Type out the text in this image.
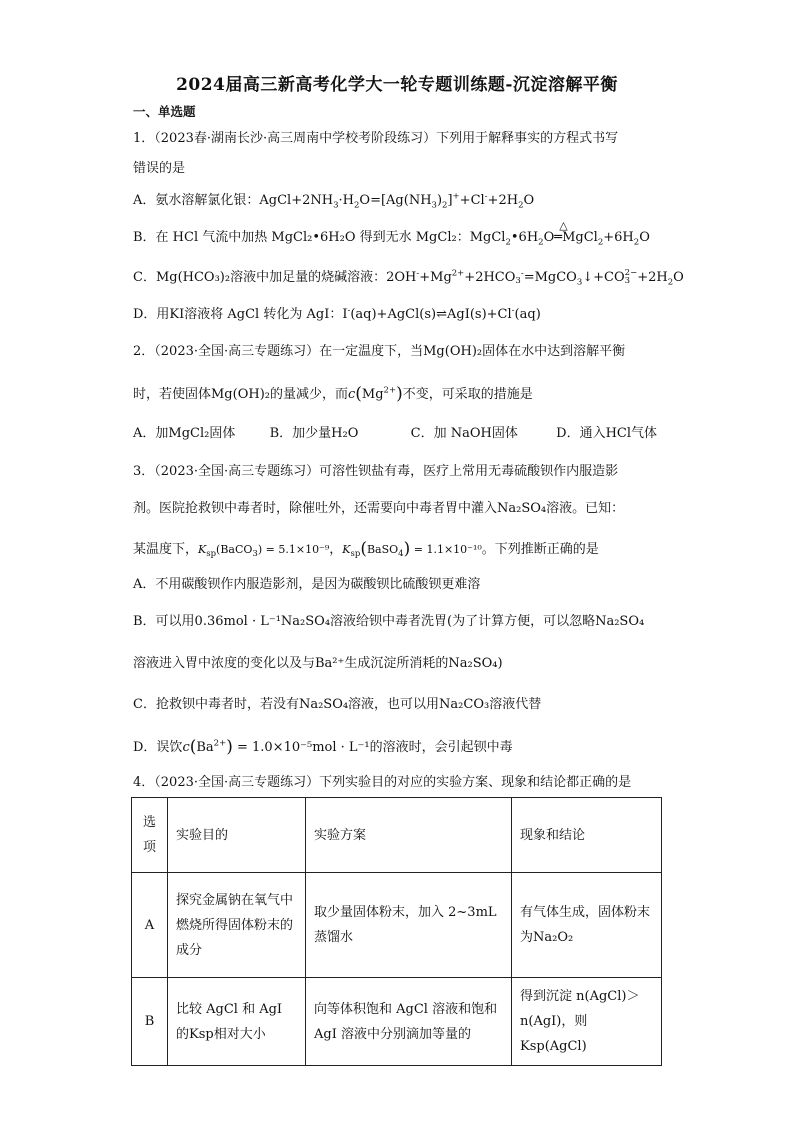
2024届高三新高考化学大一轮专题训练题-沉淀溶解平衡
一、单选题
1．（2023春·湖南长沙·高三周南中学校考阶段练习）下列用于解释事实的方程式书写
错误的是
A．氨水溶解氯化银：$AgCl+2NH_3\cdot H_2O=[Ag(NH_3)_2]^++Cl^-+2H_2O$
B．在 HCl 气流中加热 MgCl₂•6H₂O 得到无水 MgCl₂：$MgCl_2•6H_2O$
△
$═MgCl_2+6H_2O$
C．Mg(HCO₃)₂溶液中加足量的烧碱溶液：$2OH^-+Mg^{2+}+2HCO$
3-=MgCO$_3$↓+CO2−
$3 +2H_2O$
D．用KI溶液将 AgCl 转化为 AgI：I-(aq)+AgCl(s)⇌AgI(s)+Cl-(aq)
2．（2023·全国·高三专题练习）在一定温度下，当Mg(OH)₂固体在水中达到溶解平衡
时，若使固体Mg(OH)₂的量减少，而$c(Mg^{2+})$不变，可采取的措施是
A．加MgCl₂固体	B．加少量H₂O	C．加 NaOH固体	D．通入HCl气体
3．（2023·全国·高三专题练习）可溶性钡盐有毒，医疗上常用无毒硫酸钡作内服造影
剂。医院抢救钡中毒者时，除催吐外，还需要向中毒者胃中灌入Na₂SO₄溶液。已知：
某温度下，$K_{sp}(BaCO_3) = 5.1\times 10^{-9}$，$K_{sp}(BaSO_4) = 1.1\times 10^{-10}$。下列推断正确的是
A．不用碳酸钡作内服造影剂，是因为碳酸钡比硫酸钡更难溶
B．可以用0.36mol · L⁻¹Na₂SO₄溶液给钡中毒者洗胃(为了计算方便，可以忽略Na₂SO₄
溶液进入胃中浓度的变化以及与Ba²⁺生成沉淀所消耗的Na₂SO₄)
C．抢救钡中毒者时，若没有Na₂SO₄溶液，也可以用Na₂CO₃溶液代替
D．误饮$c(Ba^{2+}) = 1.0\times 10^{-5}mol \cdot L^{-1}$的溶液时，会引起钡中毒
4．（2023·全国·高三专题练习）下列实验目的对应的实验方案、现象和结论都正确的是
选项	实验目的	实验方案	现象和结论
A	探究金属钠在氧气中燃烧所得固体粉末的成分	取少量固体粉末，加入 2~3mL 蒸馏水	有气体生成，固体粉末为Na₂O₂
B	比较 AgCl 和 AgI 的Ksp相对大小	向等体积饱和 AgCl 溶液和饱和 AgI 溶液中分别滴加等量的	得到沉淀 n(AgCl)＞n(AgI)，则Ksp(AgCl)
